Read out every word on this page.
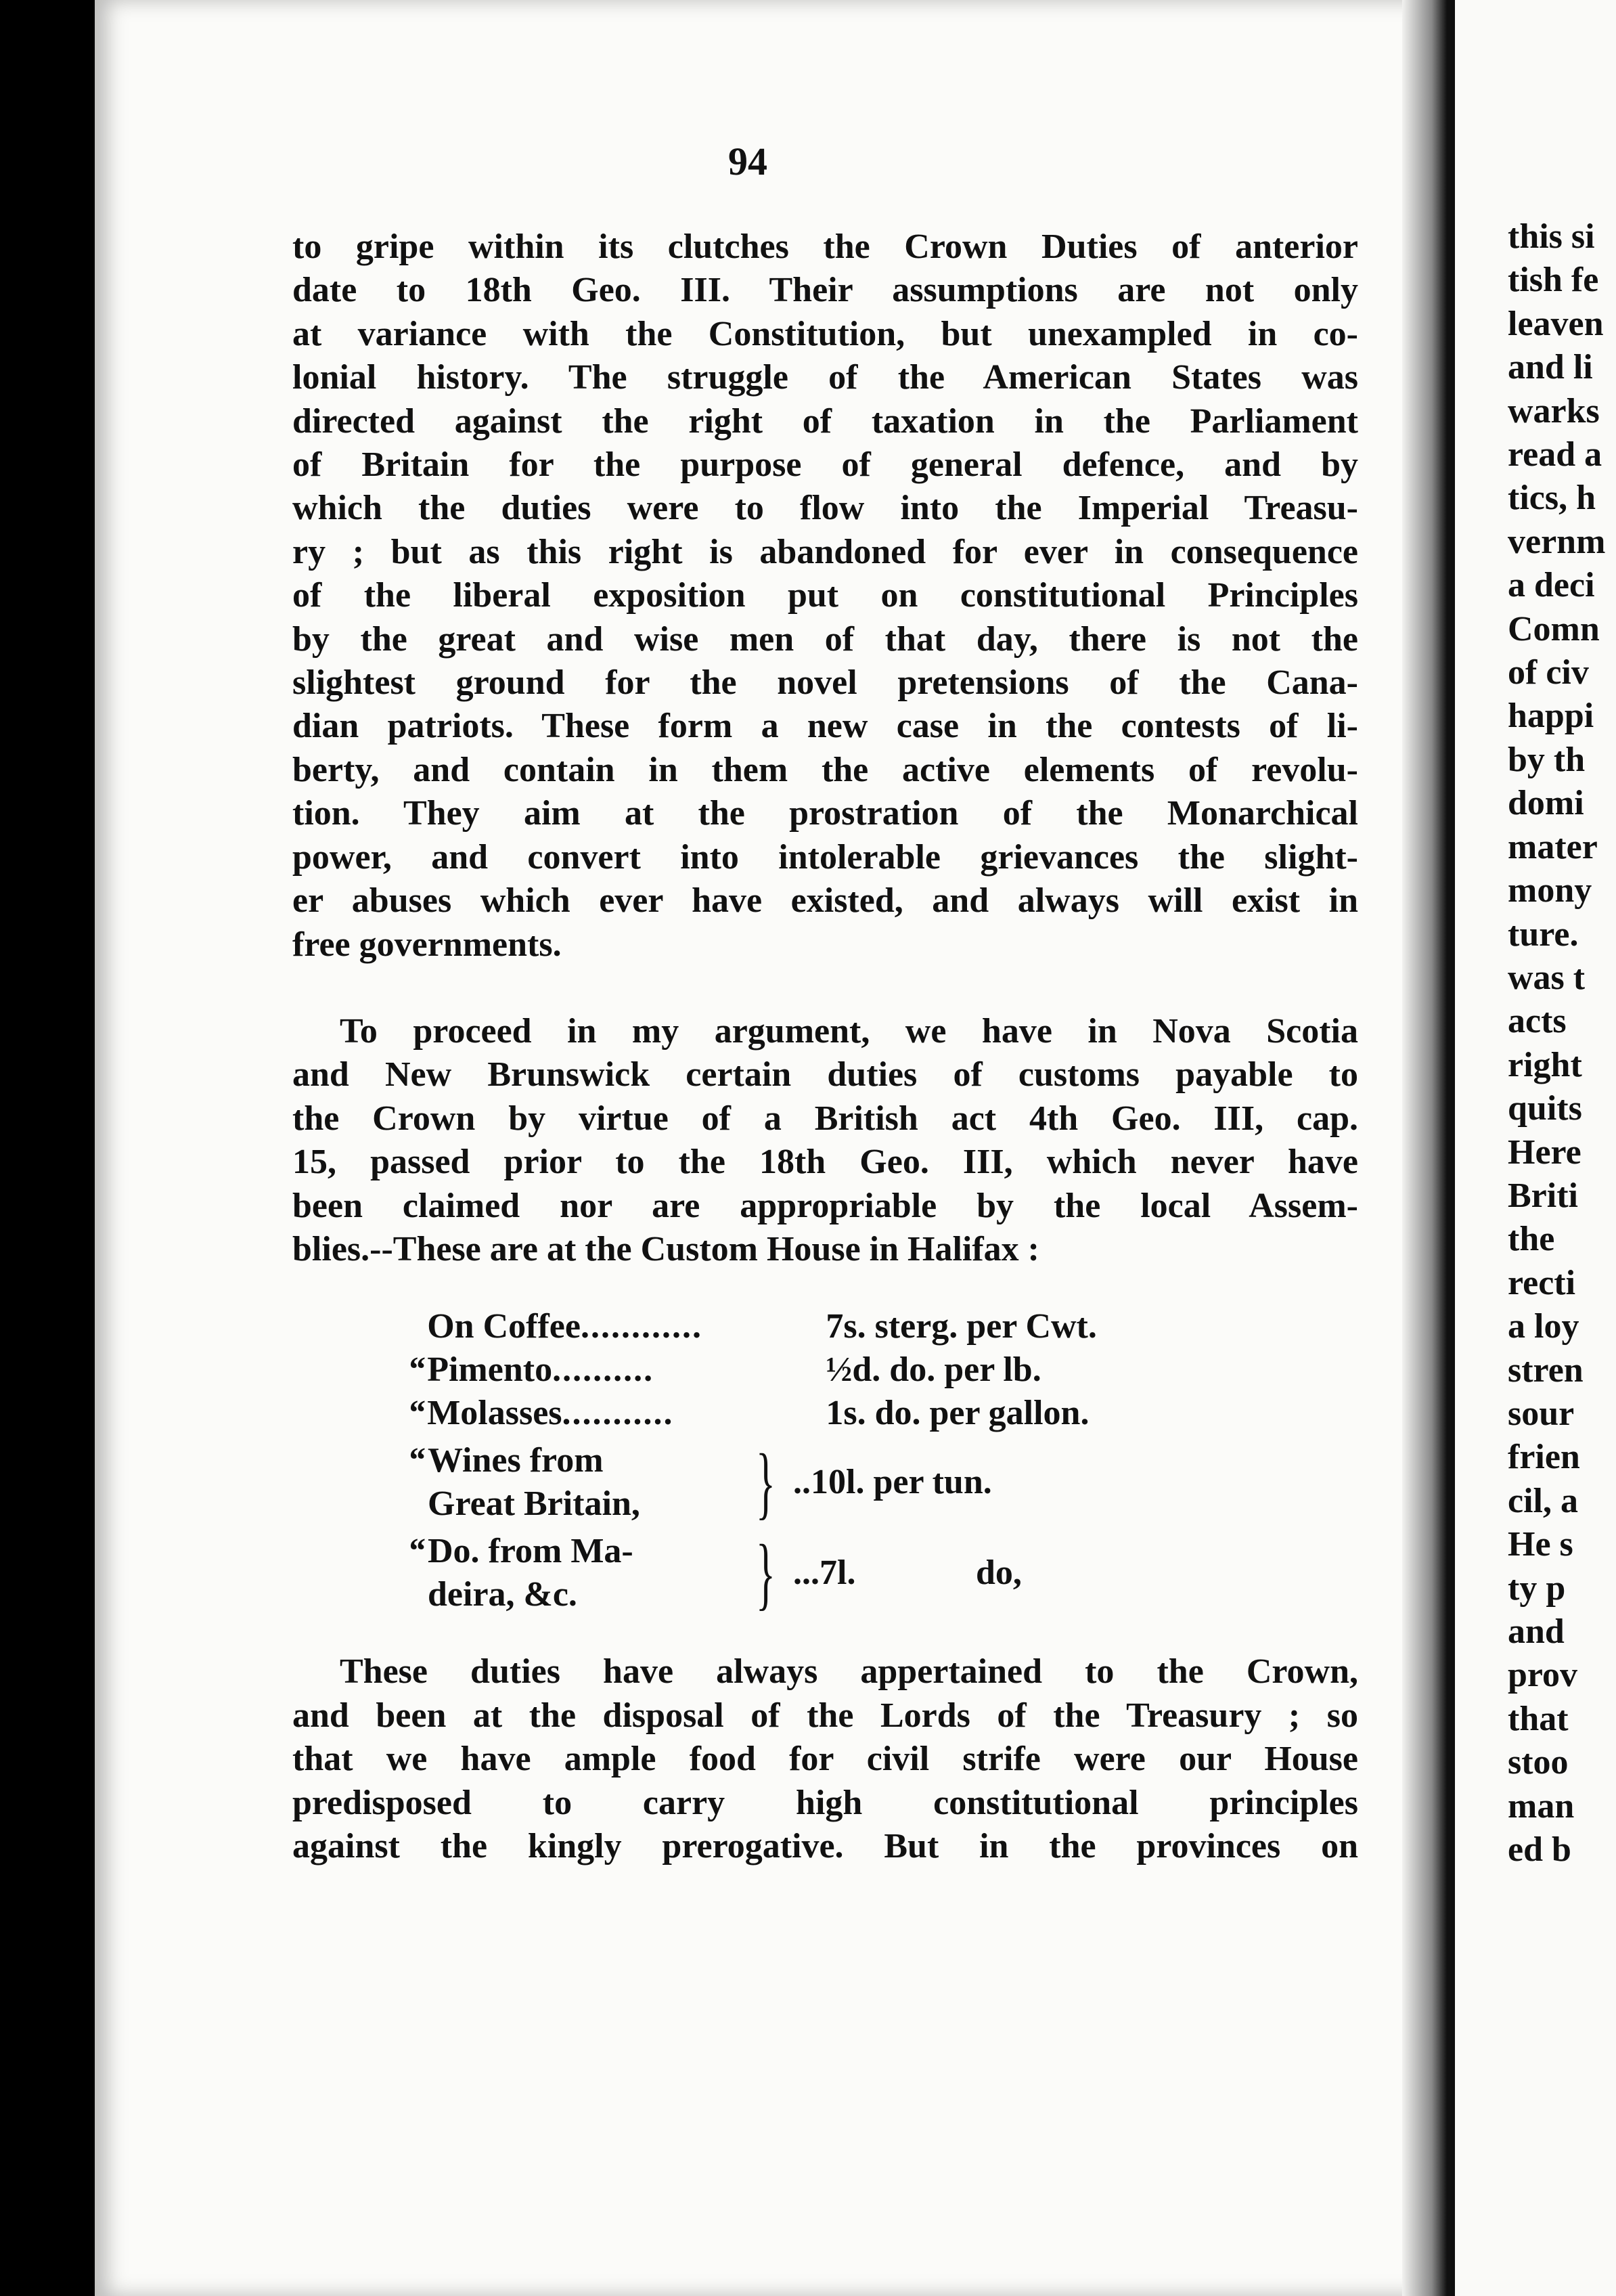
94
to gripe within its clutches the Crown Duties of anterior
date to 18th Geo. III. Their assumptions are not only
at variance with the Constitution, but unexampled in co-
lonial history. The struggle of the American States was
directed against the right of taxation in the Parliament
of Britain for the purpose of general defence, and by
which the duties were to flow into the Imperial Treasu-
ry ; but as this right is abandoned for ever in consequence
of the liberal exposition put on constitutional Principles
by the great and wise men of that day, there is not the
slightest ground for the novel pretensions of the Cana-
dian patriots. These form a new case in the contests of li-
berty, and contain in them the active elements of revolu-
tion. They aim at the prostration of the Monarchical
power, and convert into intolerable grievances the slight-
er abuses which ever have existed, and always will exist in
free governments.
To proceed in my argument, we have in Nova Scotia
and New Brunswick certain duties of customs payable to
the Crown by virtue of a British act 4th Geo. III, cap.
15, passed prior to the 18th Geo. III, which never have
been claimed nor are appropriable by the local Assem-
blies.--These are at the Custom House in Halifax :
On Coffee............	7s. sterg. per Cwt.
“ Pimento..........	½d. do. per lb.
“ Molasses...........	1s. do. per gallon.
“ Wines from
Great Britain,	} ..10l. per tun.
“ Do. from Ma-
deira, &c.	} ...7l.	do,
These duties have always appertained to the Crown,
and been at the disposal of the Lords of the Treasury ; so
that we have ample food for civil strife were our House
predisposed to carry high constitutional principles
against the kingly prerogative. But in the provinces on
this si
tish fe
leaven
and li
warks
read a
tics, h
vernm
a deci
Comn
of civ
happi
by th
domi
mater
mony
ture.
was t
acts
right
quits
Here
Briti
the
recti
a loy
stren
sour
frien
cil, a
He s
ty p
and
prov
that
stoo
man
ed b
